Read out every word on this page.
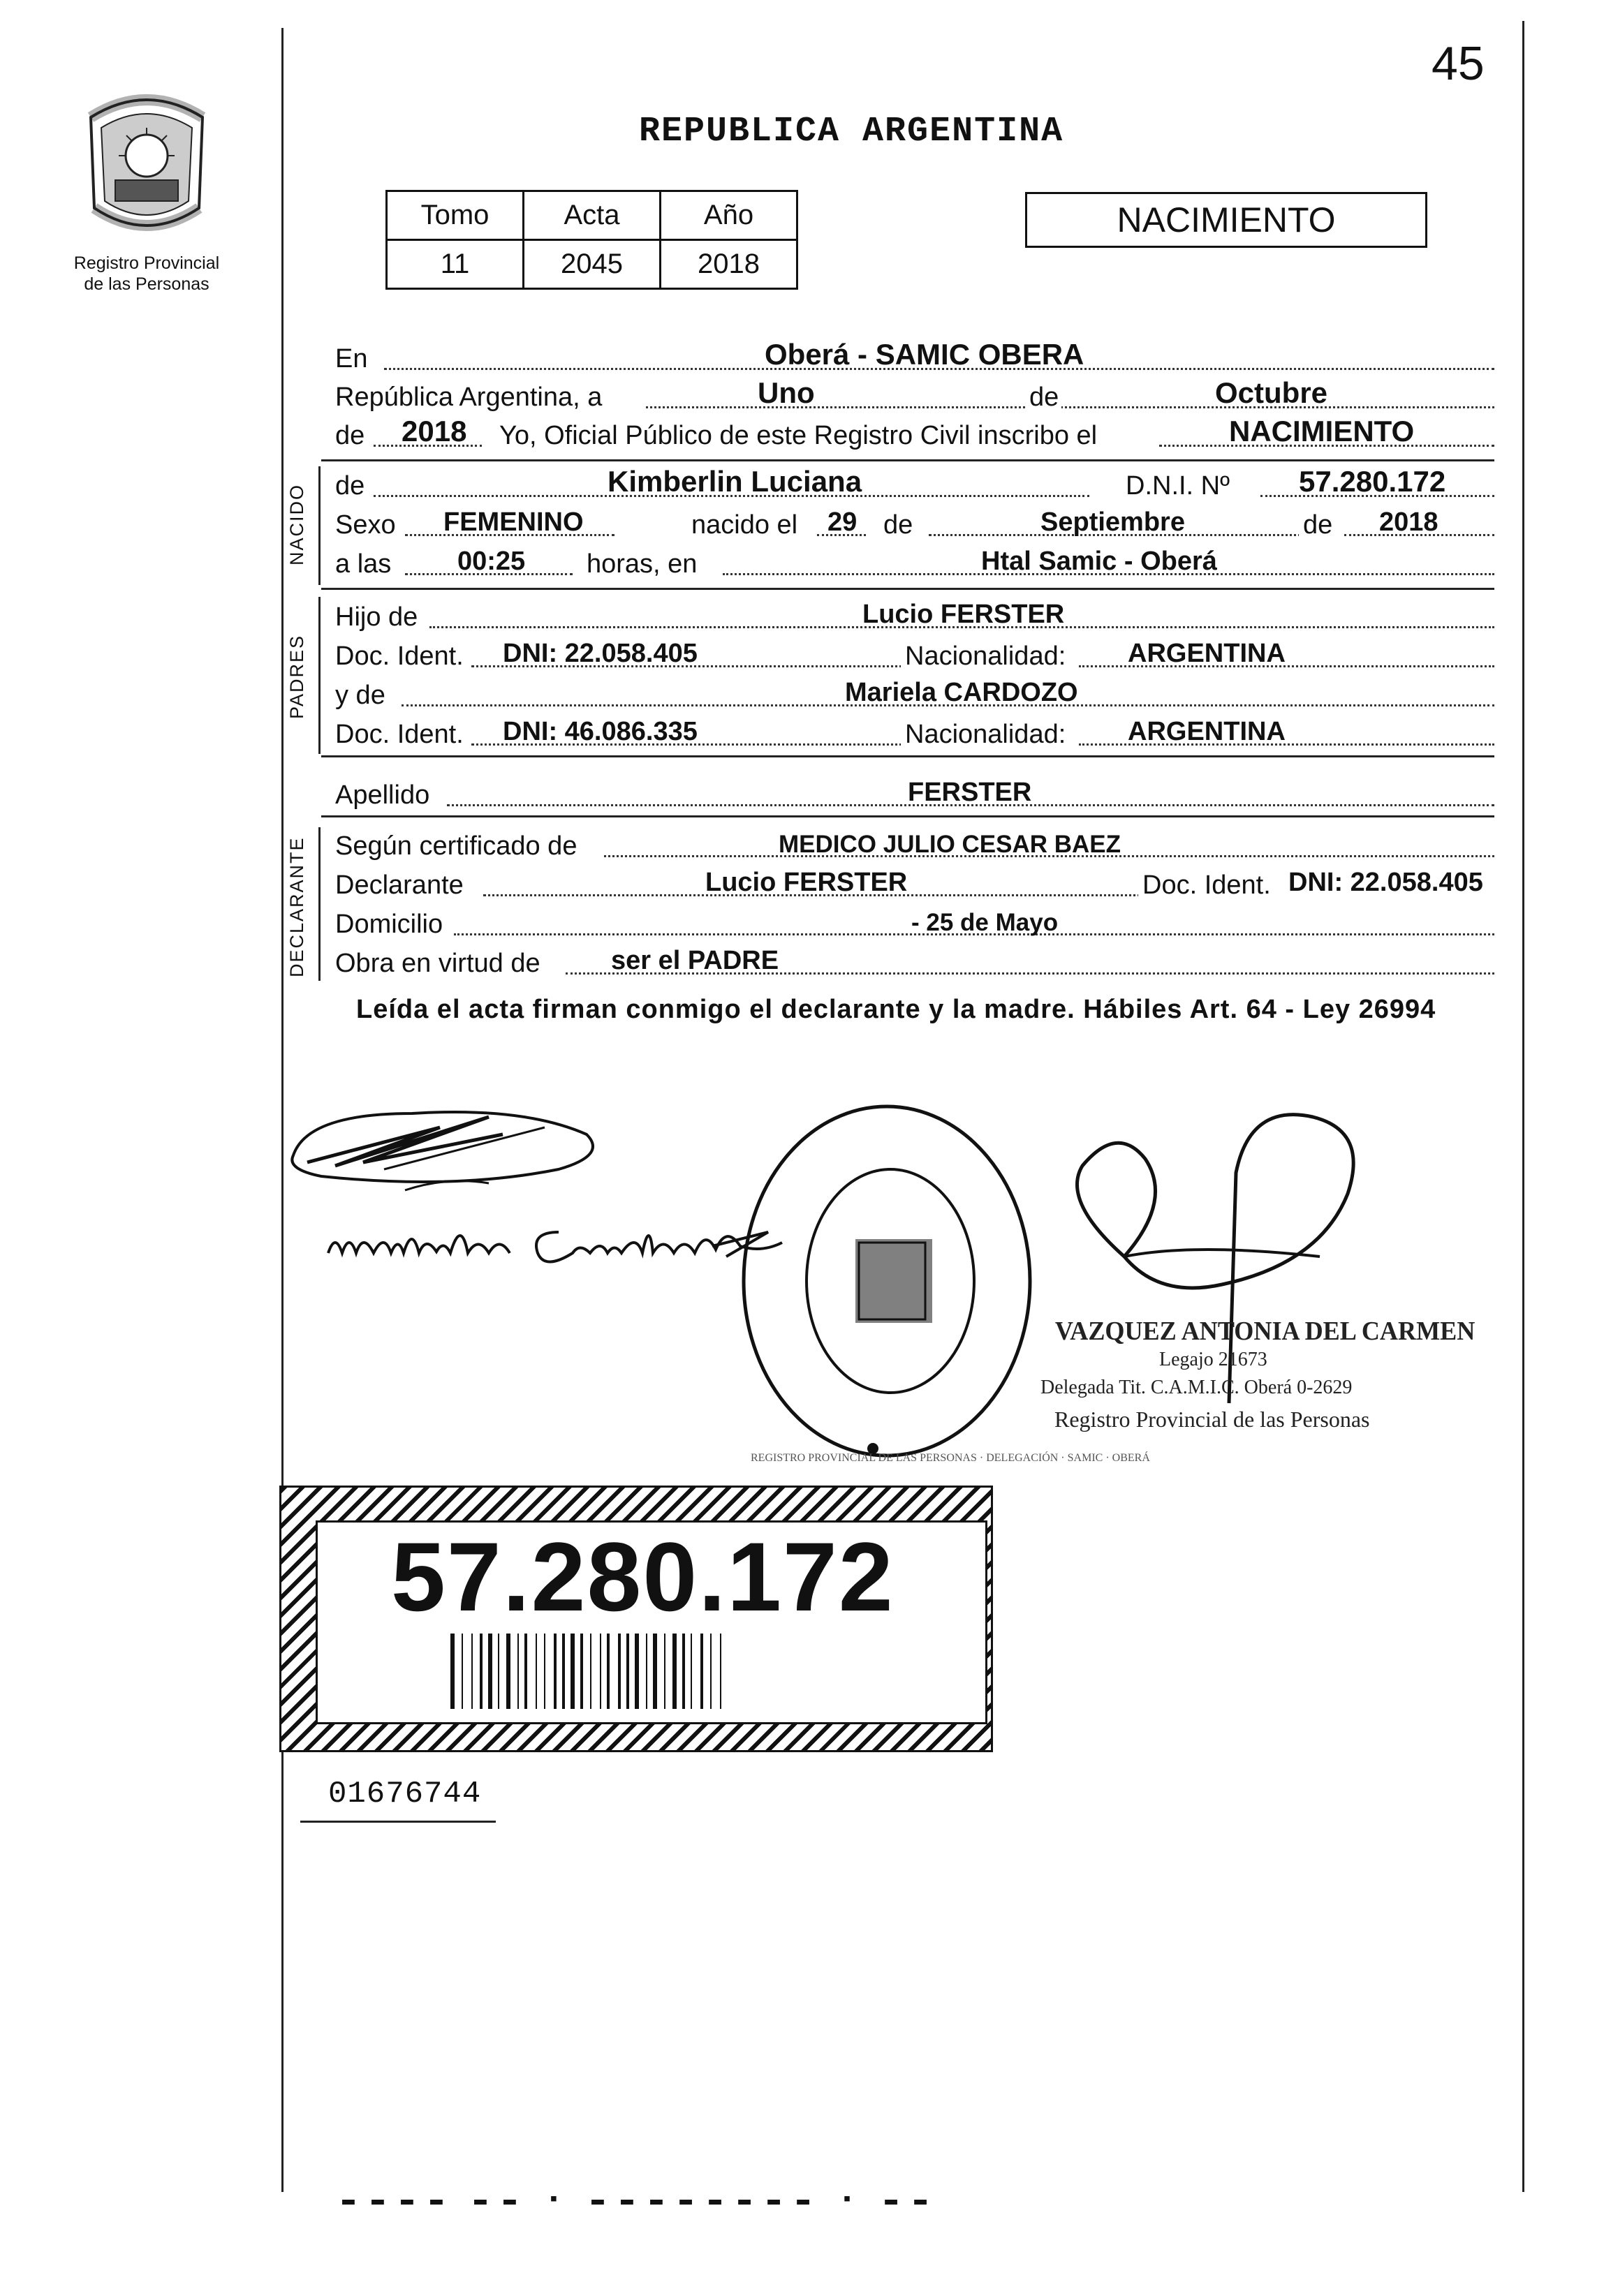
45
REPUBLICA ARGENTINA
Registro Provincial
de las Personas
Tomo	Acta	Año
11	2045	2018
NACIMIENTO
En	Oberá - SAMIC OBERA
República Argentina, a	Uno	de	Octubre
de 2018 Yo, Oficial Público de este Registro Civil inscribo el	NACIMIENTO
NACIDO de	Kimberlin Luciana	D.N.I. Nº 57.280.172
Sexo FEMENINO	nacido el 29 de	Septiembre	de 2018
a las 00:25 horas, en	Htal Samic - Oberá
PADRES
Hijo de	Lucio FERSTER
Doc. Ident. DNI: 22.058.405	Nacionalidad: ARGENTINA
y de	Mariela CARDOZO
Doc. Ident. DNI: 46.086.335	Nacionalidad: ARGENTINA
Apellido	FERSTER
DECLARANTE Según certificado de	MEDICO JULIO CESAR BAEZ
Declarante	Lucio FERSTER	Doc. Ident. DNI: 22.058.405
Domicilio	- 25 de Mayo
Obra en virtud de	ser el PADRE
Leída el acta firman conmigo el declarante y la madre. Hábiles Art. 64 - Ley 26994
REGISTRO PROVINCIAL DE LAS PERSONAS · DELEGACIÓN · SAMIC · OBERÁ
VAZQUEZ ANTONIA DEL CARMEN
Legajo 21673
Delegada Tit. C.A.M.I.C. Oberá 0-2629
Registro Provincial de las Personas
57.280.172
01676744
▬ ▬ ▬ ▬  ▬ ▬  ▪  ▬ ▬ ▬ ▬ ▬ ▬ ▬ ▬  ▪  ▬ ▬
